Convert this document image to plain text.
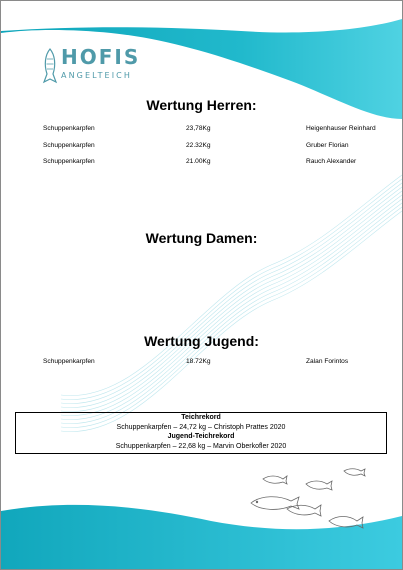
HOFIS
ANGELTEICH
Wertung Herren:
Schuppenkarpfen	23,78Kg	Heigenhauser Reinhard
Schuppenkarpfen	22.32Kg	Gruber Florian
Schuppenkarpfen	21.00Kg	Rauch Alexander
Wertung Damen:
Wertung Jugend:
Schuppenkarpfen	18.72Kg	Zalan Forintos
Teichrekord
Schuppenkarpfen – 24,72 kg – Christoph Prattes 2020
Jugend-Teichrekord
Schuppenkarpfen – 22,68 kg – Marvin Oberkofler 2020
